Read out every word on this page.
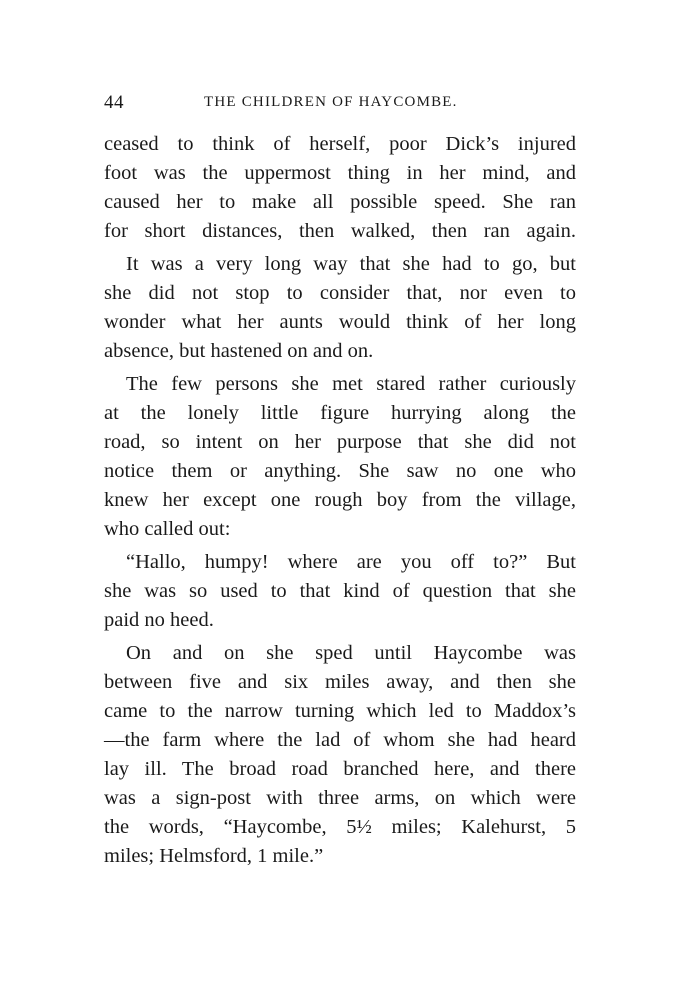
44	THE CHILDREN OF HAYCOMBE.
ceased to think of herself, poor Dick’s injured
foot was the uppermost thing in her mind, and
caused her to make all possible speed. She ran
for short distances, then walked, then ran again.
It was a very long way that she had to go, but
she did not stop to consider that, nor even to
wonder what her aunts would think of her long
absence, but hastened on and on.
The few persons she met stared rather curiously
at the lonely little figure hurrying along the
road, so intent on her purpose that she did not
notice them or anything. She saw no one who
knew her except one rough boy from the village,
who called out:
“Hallo, humpy! where are you off to?” But
she was so used to that kind of question that she
paid no heed.
On and on she sped until Haycombe was
between five and six miles away, and then she
came to the narrow turning which led to Maddox’s
—the farm where the lad of whom she had heard
lay ill. The broad road branched here, and there
was a sign-post with three arms, on which were
the words, “Haycombe, 5½ miles; Kalehurst, 5
miles; Helmsford, 1 mile.”
